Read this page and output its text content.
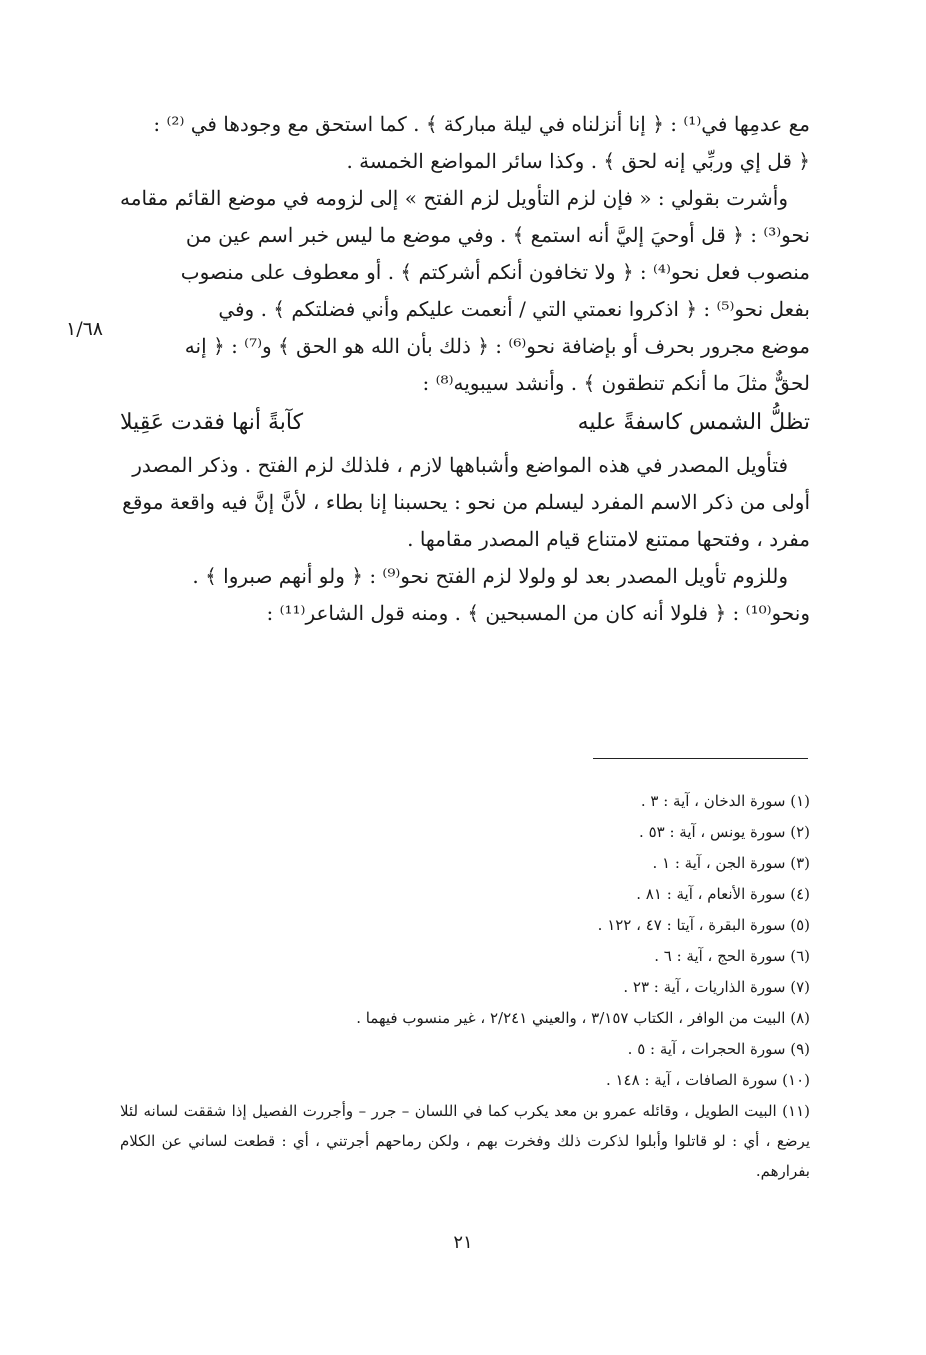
١/٦٨

مع عدمِها في⁽¹⁾ : ﴿ إنا أنزلناه في ليلة مباركة ﴾ . كما استحق مع وجودها في ⁽²⁾ :

﴿ قل إي وربِّي إنه لحق ﴾ . وكذا سائر المواضع الخمسة .

وأشرت بقولي : « فإن لزم التأويل لزم الفتح » إلى لزومه في موضع القائم مقامه

نحو⁽³⁾ : ﴿ قل أوحيَ إليَّ أنه استمع ﴾ . وفي موضع ما ليس خبر اسم عين من

منصوب فعل نحو⁽⁴⁾ : ﴿ ولا تخافون أنكم أشركتم ﴾ . أو معطوف على منصوب

بفعل نحو⁽⁵⁾ : ﴿ اذكروا نعمتي التي / أنعمت عليكم وأني فضلتكم ﴾ . وفي

موضع مجرور بحرف أو بإضافة نحو⁽⁶⁾ : ﴿ ذلك بأن الله هو الحق ﴾ و⁽⁷⁾ : ﴿ إنه

لحقٌّ مثلَ ما أنكم تنطقون ﴾ . وأنشد سيبويه⁽⁸⁾ :

تظلُّ الشمس كاسفةً عليه
كآبةً أنها فقدت عَقِيلا

فتأويل المصدر في هذه المواضع وأشباهها لازم ، فلذلك لزم الفتح . وذكر المصدر

أولى من ذكر الاسم المفرد ليسلم من نحو : يحسبنا إنا بطاء ، لأنَّ إنَّ فيه واقعة موقع

مفرد ، وفتحها ممتنع لامتناع قيام المصدر مقامها .

وللزوم تأويل المصدر بعد لو ولولا لزم الفتح نحو⁽⁹⁾ : ﴿ ولو أنهم صبروا ﴾ .

ونحو⁽¹⁰⁾ : ﴿ فلولا أنه كان من المسبحين ﴾ . ومنه قول الشاعر⁽¹¹⁾ :

(١) سورة الدخان ، آية : ٣ .

(٢) سورة يونس ، آية : ٥٣ .

(٣) سورة الجن ، آية : ١ .

(٤) سورة الأنعام ، آية : ٨١ .

(٥) سورة البقرة ، آيتا : ٤٧ ، ١٢٢ .

(٦) سورة الحج ، آية : ٦ .

(٧) سورة الذاريات ، آية : ٢٣ .

(٨) البيت من الوافر ، الكتاب ٣/١٥٧ ، والعيني ٢/٢٤١ ، غير منسوب فيهما .

(٩) سورة الحجرات ، آية : ٥ .

(١٠) سورة الصافات ، آية : ١٤٨ .

(١١) البيت الطويل ، وقائله عمرو بن معد يكرب كما في اللسان – جرر – وأجررت الفصيل إذا شققت لسانه لئلا يرضع ، أي : لو قاتلوا وأبلوا لذكرت ذلك وفخرت بهم ، ولكن رماحهم أجرتني ، أي : قطعت لساني عن الكلام بفرارهم.

٢١
